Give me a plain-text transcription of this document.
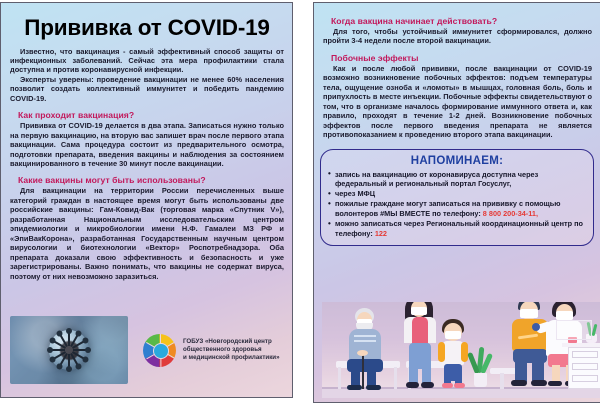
Прививка от COVID-19

Известно, что вакцинация - самый эффективный способ защиты от инфекционных заболеваний. Сейчас эта мера профилактики стала доступна и против коронавирусной инфекции.

Эксперты уверены: проведение вакцинации не менее 60% населения позволит создать коллективный иммунитет и победить пандемию COVID-19.

Как проходит вакцинация?

Прививка от COVID-19 делается в два этапа. Записаться нужно только на первую вакцинацию, на вторую вас запишет врач после первого этапа вакцинации. Сама процедура состоит из предварительного осмотра, подготовки препарата, введения вакцины и наблюдения за состоянием вакцинированного в течение 30 минут после вакцинации.

Какие вакцины могут быть использованы?

Для вакцинации на территории России перечисленных выше категорий граждан в настоящее время могут быть использованы две российские вакцины: Гам-Ковид-Вак (торговая марка «Спутник V»), разработанная Национальным исследовательским центром эпидемиологии и микробиологии имени Н.Ф. Гамалеи МЗ РФ и «ЭпиВакКорона», разработанная Государственным научным центром вирусологии и биотехнологии «Вектор» Роспотребнадзора. Оба препарата доказали свою эффективность и безопасность и уже зарегистрированы. Важно понимать, что вакцины не содержат вируса, поэтому от них невозможно заразиться.

ГОБУЗ «Новгородский центр
общественного здоровья
и медицинской профилактики»
Когда вакцина начинает действовать?

Для того, чтобы устойчивый иммунитет сформировался, должно пройти 3-4 недели после второй вакцинации.

Побочные эффекты

Как и после любой прививки, после вакцинации от COVID-19 возможно возникновение побочных эффектов: подъем температуры тела, ощущение озноба и «ломоты» в мышцах, головная боль, боль и припухлость в месте инъекции. Побочные эффекты свидетельствуют о том, что в организме началось формирование иммунного ответа и, как правило, проходят в течение 1-2 дней. Возникновение побочных эффектов после первого введения препарата не является противопоказанием к проведению второго этапа вакцинации.

НАПОМИНАЕМ:
• запись на вакцинацию от коронавируса доступна через федеральный и региональный портал Госуслуг,
• через МФЦ
• пожилые граждане могут записаться на прививку с помощью волонтеров #МЫ ВМЕСТЕ по телефону: 8 800 200-34-11,
• можно записаться через Региональный координационный центр по телефону: 122
